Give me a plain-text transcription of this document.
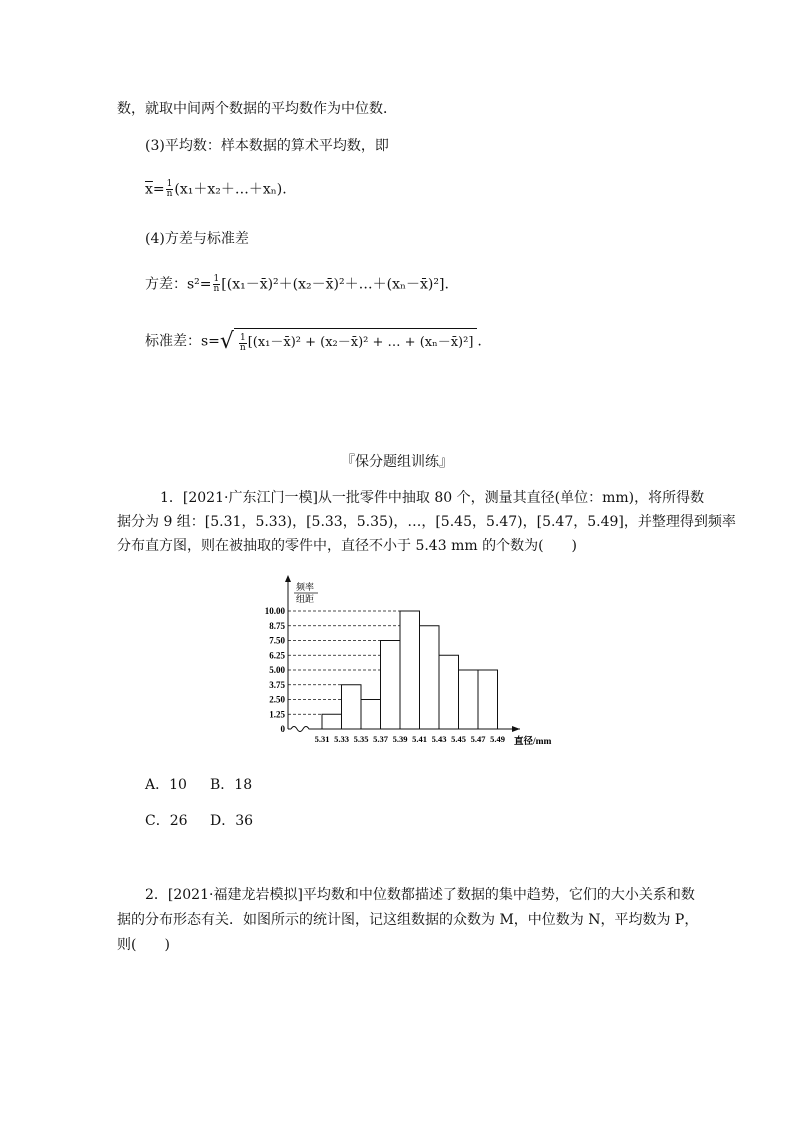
数，就取中间两个数据的平均数作为中位数．
(3)平均数：样本数据的算术平均数，即
$\overline{x}= \frac{1}{n}$ (x₁＋x₂＋…＋xₙ).
(4)方差与标准差
方差：$s^2= \frac{1}{n}$ [(x₁－x̄)²＋(x₂－x̄)²＋…＋(xₙ－x̄)²].
标准差：s= √ $\frac{1}{n}$ [(x₁－x̄)² + (x₂－x̄)² + … + (xₙ－x̄)²] .
『保分题组训练』
1．[2021·广东江门一模]从一批零件中抽取 80 个，测量其直径(单位：mm)，将所得数
据分为 9 组：[5.31，5.33)，[5.33，5.35)，…，[5.45，5.47)，[5.47，5.49]，并整理得到频率
分布直方图，则在被抽取的零件中，直径不小于 5.43 mm 的个数为(　　)
频率
组距
0
1.25
2.50
3.75
5.00
6.25
7.50
8.75
10.00
5.31 5.33 5.35 5.37 5.39 5.41 5.43 5.45 5.47 5.49 直径/mm
A．10 B．18
C．26 D．36
2．[2021·福建龙岩模拟]平均数和中位数都描述了数据的集中趋势，它们的大小关系和数
据的分布形态有关．如图所示的统计图，记这组数据的众数为 M，中位数为 N，平均数为 P，
则(　　)
